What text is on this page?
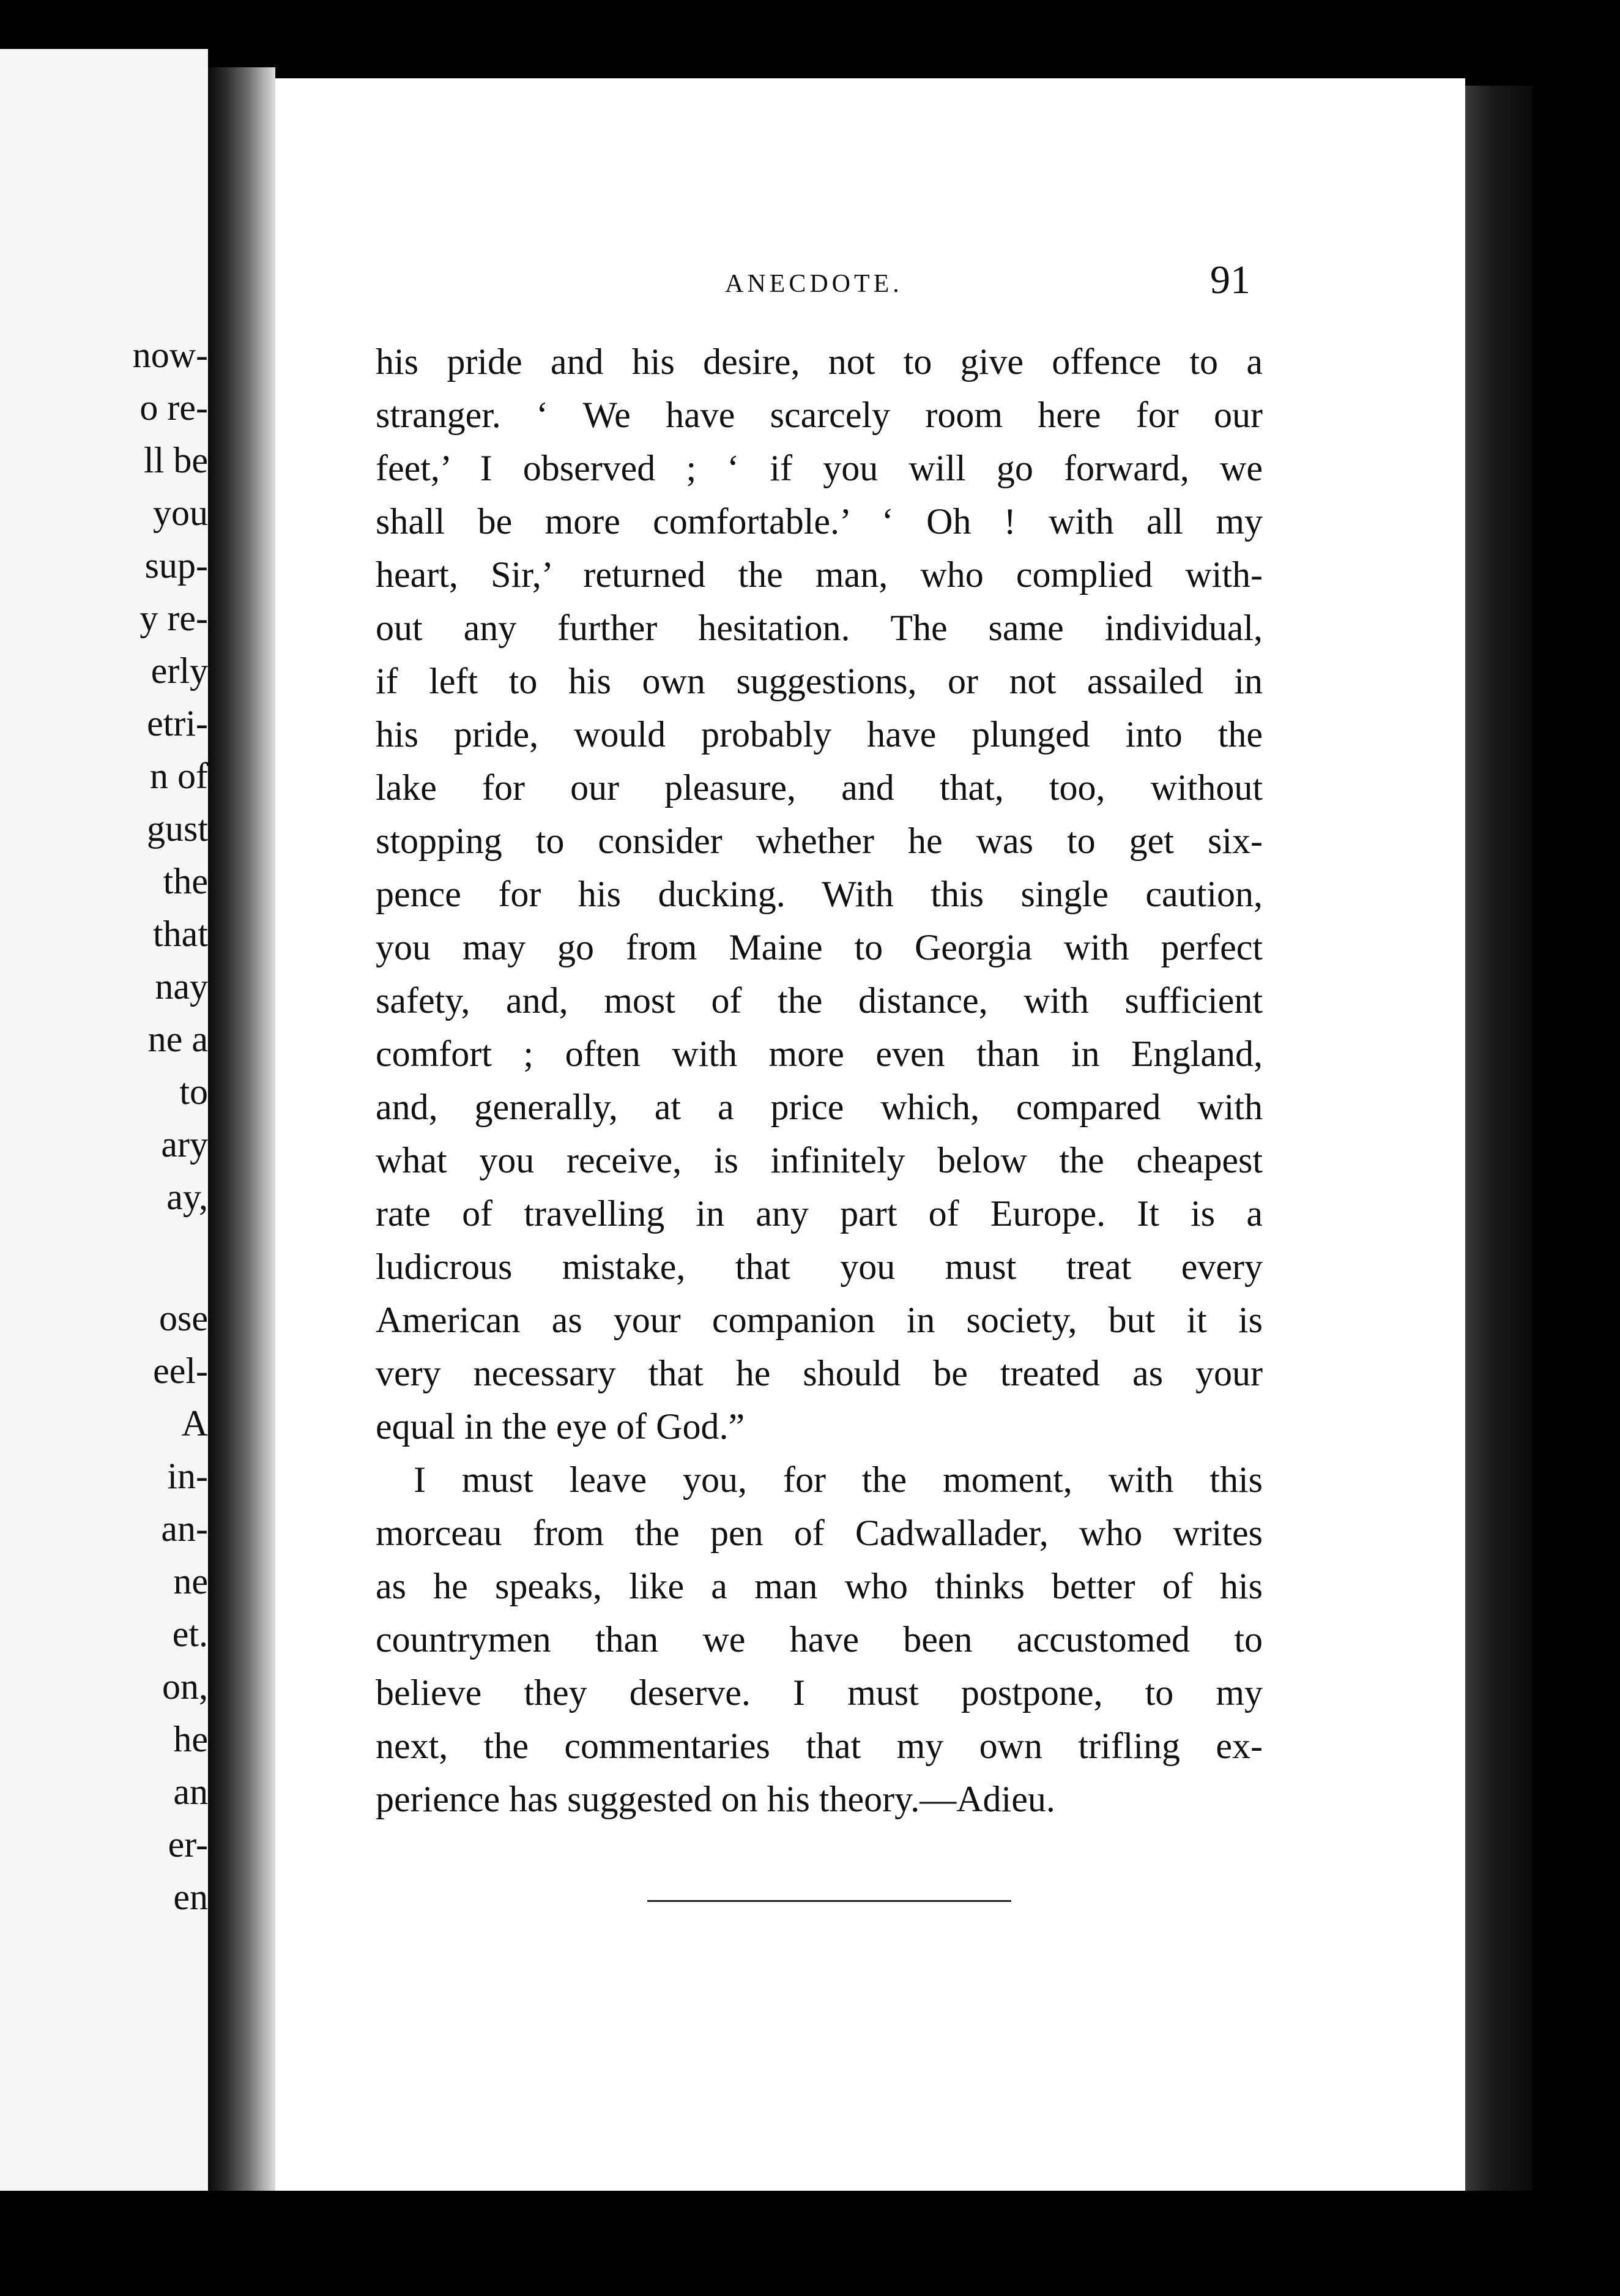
now-

o re-

ll be

you

sup-

y re-

erly

etri-

n of

gust

the

that

nay

ne a

to

ary

ay,

ose

eel-

A

in-

an-

ne

et.

on,

he

an

er-

en

ANECDOTE.	91

his pride and his desire, not to give offence to a
stranger. ‘ We have scarcely room here for our
feet,’ I observed ; ‘ if you will go forward, we
shall be more comfortable.’ ‘ Oh ! with all my
heart, Sir,’ returned the man, who complied with-
out any further hesitation. The same individual,
if left to his own suggestions, or not assailed in
his pride, would probably have plunged into the
lake for our pleasure, and that, too, without
stopping to consider whether he was to get six-
pence for his ducking. With this single caution,
you may go from Maine to Georgia with perfect
safety, and, most of the distance, with sufficient
comfort ; often with more even than in England,
and, generally, at a price which, compared with
what you receive, is infinitely below the cheapest
rate of travelling in any part of Europe. It is a
ludicrous mistake, that you must treat every
American as your companion in society, but it is
very necessary that he should be treated as your
equal in the eye of God.”
I must leave you, for the moment, with this
morceau from the pen of Cadwallader, who writes
as he speaks, like a man who thinks better of his
countrymen than we have been accustomed to
believe they deserve. I must postpone, to my
next, the commentaries that my own trifling ex-
perience has suggested on his theory.—Adieu.
